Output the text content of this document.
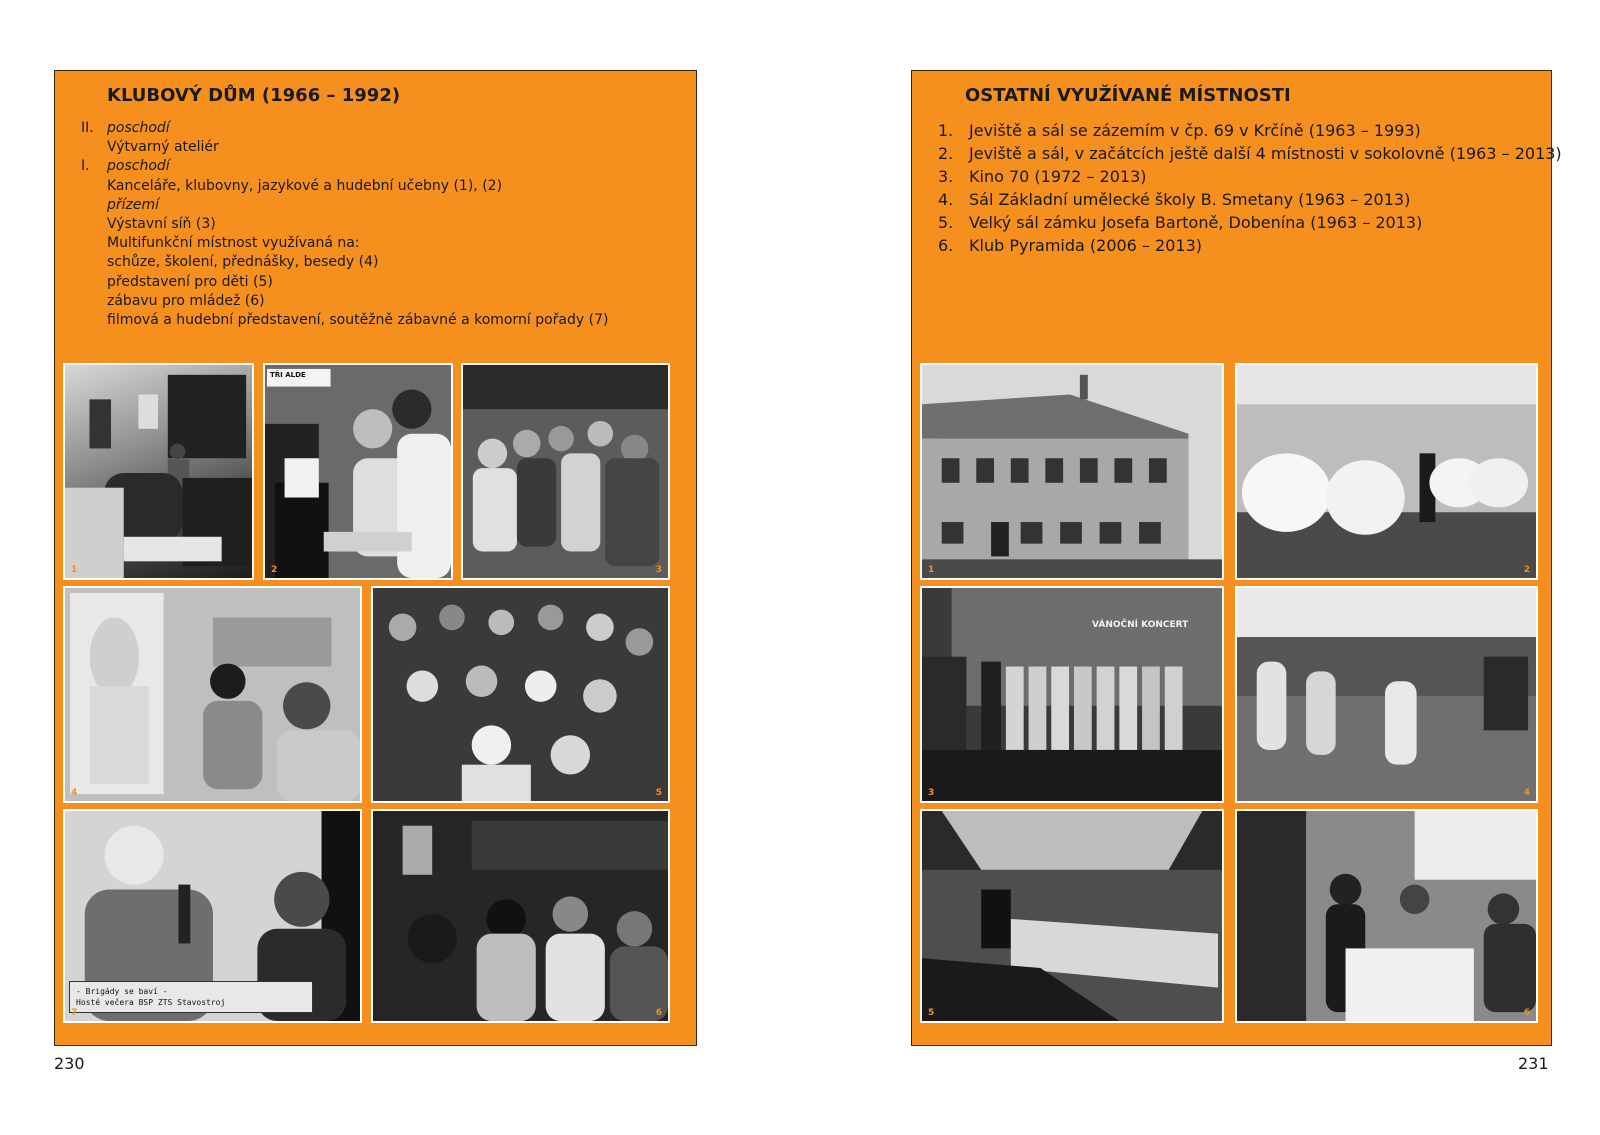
KLUBOVÝ DŮM (1966 – 1992)
II. poschodí
Výtvarný ateliér
I.	poschodí
Kanceláře, klubovny, jazykové a hudební učebny (1), (2)
přízemí
Výstavní síň (3)
Multifunkční místnost využívaná na:
schůze, školení, přednášky, besedy (4)
představení pro děti (5)
zábavu pro mládež (6)
filmová a hudební představení, soutěžně zábavné a komorní pořady (7)
1
TŘI ALDE
2	3
4	5
- Brigády se baví -
Hosté večera BSP ZTS Stavostroj
7	6
230
OSTATNÍ VYUŽÍVANÉ MÍSTNOSTI
1. Jeviště a sál se zázemím v čp. 69 v Krčíně (1963 – 1993)
2. Jeviště a sál, v začátcích ještě další 4 místnosti v sokolovně (1963 – 2013)
3. Kino 70 (1972 – 2013)
4. Sál Základní umělecké školy B. Smetany (1963 – 2013)
5. Velký sál zámku Josefa Bartoně, Dobenína (1963 – 2013)
6. Klub Pyramida (2006 – 2013)
1	2
VÁNOČNÍ KONCERT
3	4
5	6
231
